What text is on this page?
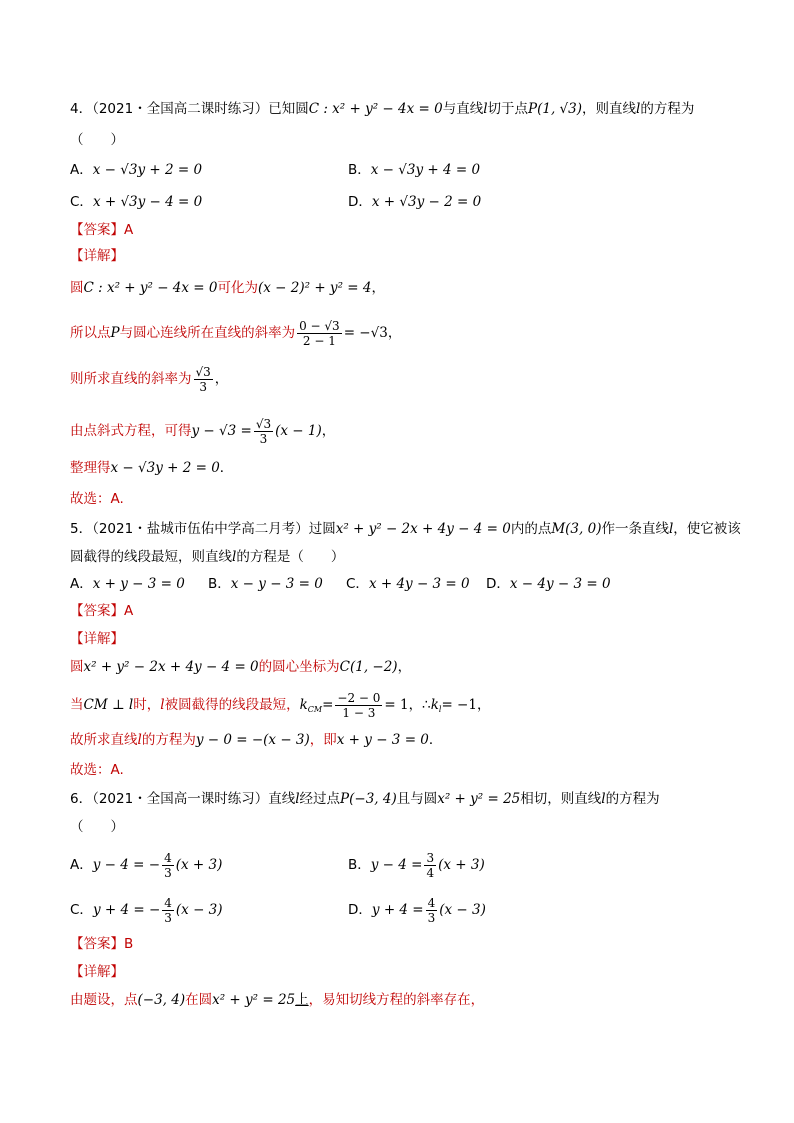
4．（2021・全国高二课时练习）已知圆C : x² + y² − 4x = 0与直线l切于点P(1, √3)，则直线l的方程为
（　　）
A．x − √3y + 2 = 0	B．x − √3y + 4 = 0
C．x + √3y − 4 = 0	D．x + √3y − 2 = 0
【答案】A
【详解】
圆C : x² + y² − 4x = 0可化为(x − 2)² + y² = 4，
所以点P与圆心连线所在直线的斜率为 $\frac{0 - √3}{2 - 1} = -√3$，
则所求直线的斜率为 $\frac{√3}{3}$ ，
由点斜式方程，可得$y - √3 = \frac{√3}{3} (x - 1)$，
整理得x − √3y + 2 = 0．
故选：A.
5．（2021・盐城市伍佑中学高二月考）过圆x² + y² − 2x + 4y − 4 = 0内的点M(3, 0)作一条直线l，使它被该
圆截得的线段最短，则直线l的方程是（　　）
A．x + y − 3 = 0 B．x − y − 3 = 0 C．x + 4y − 3 = 0 D．x − 4y − 3 = 0
【答案】A
【详解】
圆x² + y² − 2x + 4y − 4 = 0的圆心坐标为C(1, −2)，
当CM ⊥ l时，l被圆截得的线段最短，$k_{CM}= \frac{-2 - 0}{1 - 3} = 1$，$\therefore k_l= -1$，
故所求直线l的方程为y − 0 = −(x − 3)，即x + y − 3 = 0．
故选：A.
6．（2021・全国高一课时练习）直线l经过点P(−3, 4)且与圆x² + y² = 25相切，则直线l的方程为
（　　）
A．y − 4 = − $\frac{4}{3} (x + 3)$	B．$y - 4 = \frac{3}{4} (x + 3)$
C．y + 4 = − $\frac{4}{3} (x - 3)$	D．$y + 4 = \frac{4}{3} (x - 3)$
【答案】B
【详解】
由题设，点(−3, 4)在圆x² + y² = 25上，易知切线方程的斜率存在，
